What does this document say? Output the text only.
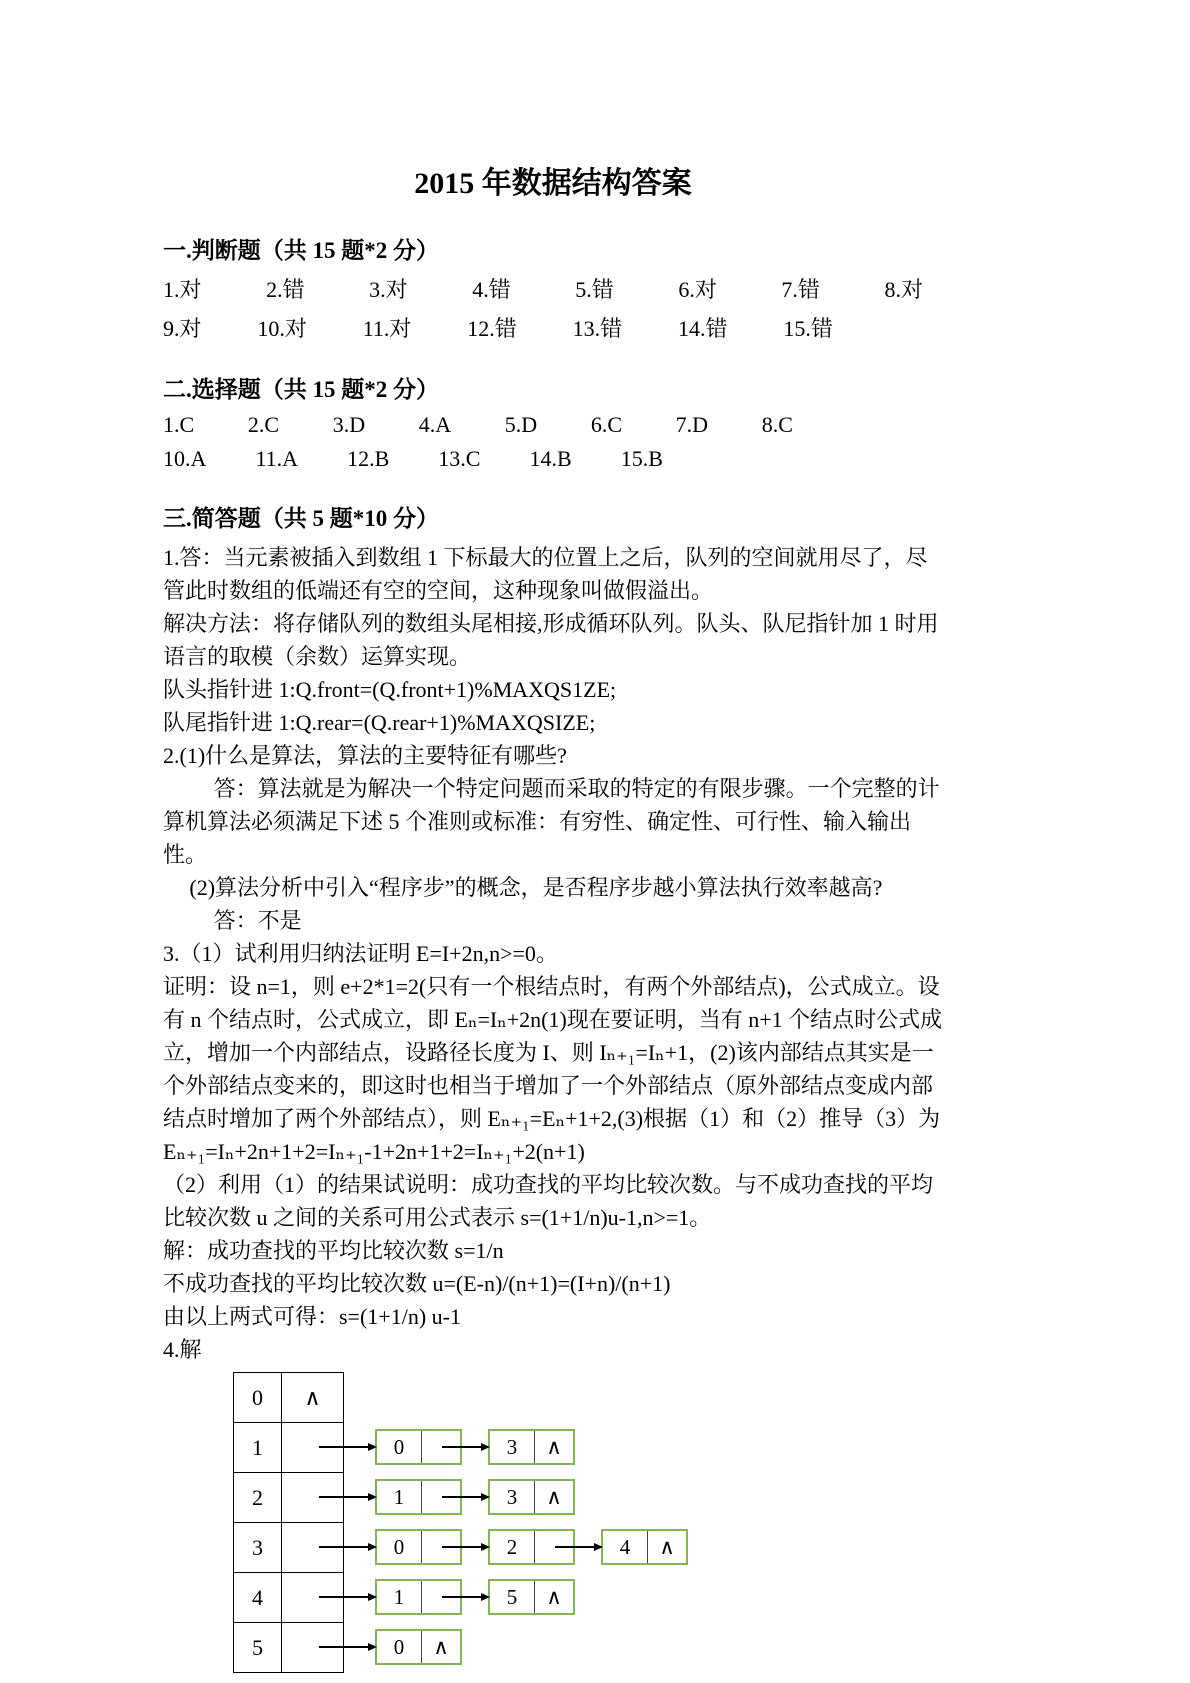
2015 年数据结构答案
一.判断题（共 15 题*2 分）
1.对	2.错	3.对	4.错	5.错	6.对	7.错	8.对
9.对	10.对	11.对	12.错	13.错	14.错	15.错
二.选择题（共 15 题*2 分）
1.C 2.C 3.D 4.A 5.D 6.C 7.D 8.C
10.A 11.A 12.B 13.C 14.B 15.B
三.简答题（共 5 题*10 分）

1.答：当元素被插入到数组 1 下标最大的位置上之后，队列的空间就用尽了，尽管此时数组的低端还有空的空间，这种现象叫做假溢出。

解决方法：将存储队列的数组头尾相接,形成循环队列。队头、队尼指针加 1 时用语言的取模（余数）运算实现。

队头指针进 1:Q.front=(Q.front+1)%MAXQS1ZE;

队尾指针进 1:Q.rear=(Q.rear+1)%MAXQSIZE;

2.(1)什么是算法，算法的主要特征有哪些?

答：算法就是为解决一个特定问题而采取的特定的有限步骤。一个完整的计算机算法必须满足下述 5 个准则或标准：有穷性、确定性、可行性、输入输出性。

(2)算法分析中引入“程序步”的概念，是否程序步越小算法执行效率越高?

答：不是

3.（1）试利用归纳法证明 E=I+2n,n>=0。

证明：设 n=1，则 e+2*1=2(只有一个根结点时，有两个外部结点)，公式成立。设有 n 个结点时，公式成立，即 Eₙ=Iₙ+2n(1)现在要证明，当有 n+1 个结点时公式成立，增加一个内部结点，设路径长度为 I、则 Iₙ₊₁=Iₙ+1，(2)该内部结点其实是一个外部结点变来的，即这时也相当于增加了一个外部结点（原外部结点变成内部结点时增加了两个外部结点），则 Eₙ₊₁=Eₙ+1+2,(3)根据（1）和（2）推导（3）为 Eₙ₊₁=Iₙ+2n+1+2=Iₙ₊₁-1+2n+1+2=Iₙ₊₁+2(n+1)

（2）利用（1）的结果试说明：成功查找的平均比较次数。与不成功查找的平均比较次数 u 之间的关系可用公式表示 s=(1+1/n)u-1,n>=1。

解：成功查找的平均比较次数 s=1/n

不成功查找的平均比较次数 u=(E-n)/(n+1)=(I+n)/(n+1)

由以上两式可得：s=(1+1/n) u-1

4.解

0	∧
1
2
3
4
5
0	3	∧
1	3	∧
0	2	4	∧
1	5	∧
0	∧
